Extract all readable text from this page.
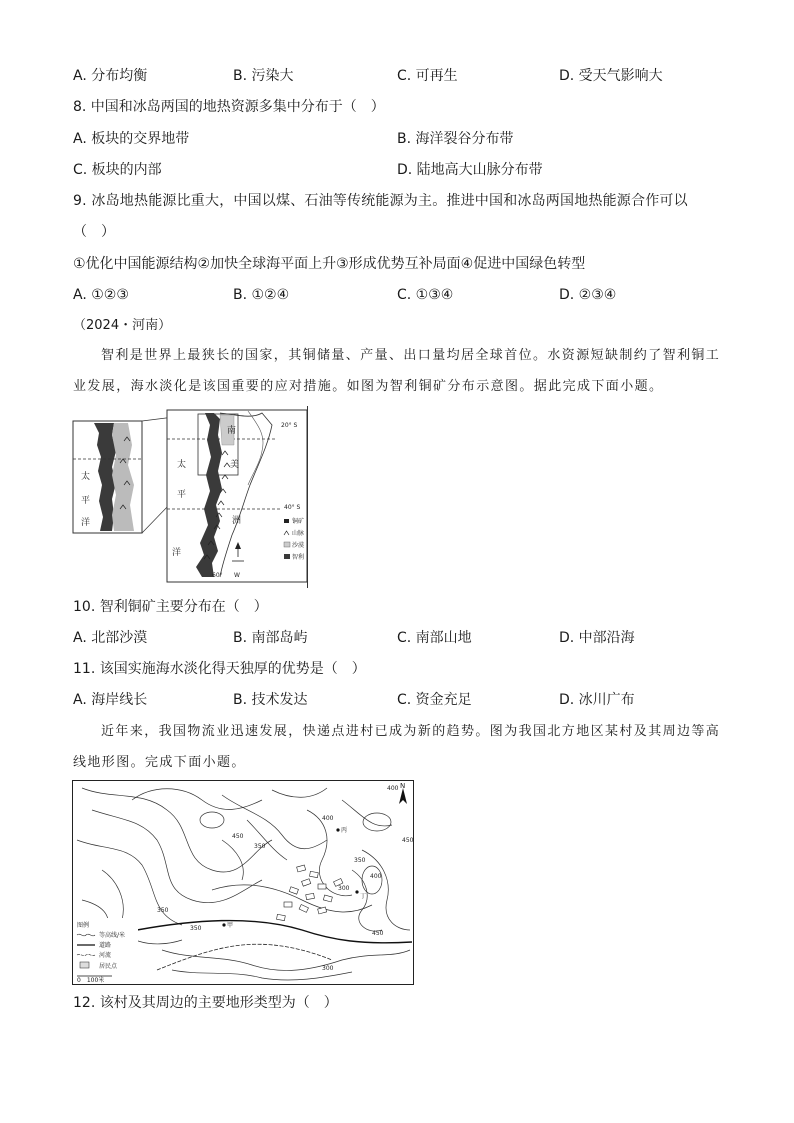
A. 分布均衡	B. 污染大	C. 可再生	D. 受天气影响大
8. 中国和冰岛两国的地热资源多集中分布于（　）
A. 板块的交界地带	B. 海洋裂谷分布带
C. 板块的内部	D. 陆地高大山脉分布带
9. 冰岛地热能源比重大，中国以煤、石油等传统能源为主。推进中国和冰岛两国地热能源合作可以
（　）
①优化中国能源结构②加快全球海平面上升③形成优势互补局面④促进中国绿色转型
A. ①②③	B. ①②④	C. ①③④	D. ②③④
（2024・河南）
智利是世界上最狭长的国家，其铜储量、产量、出口量均居全球首位。水资源短缺制约了智利铜工业发展，海水淡化是该国重要的应对措施。如图为智利铜矿分布示意图。据此完成下面小题。
太
平
洋
20° S
40° S
太
平
洋
南
美
洲
60° W
铜矿
山脉
沙漠
智利
10. 智利铜矿主要分布在（　）
A. 北部沙漠	B. 南部岛屿	C. 南部山地	D. 中部沿海
11. 该国实施海水淡化得天独厚的优势是（　）
A. 海岸线长	B. 技术发达	C. 资金充足	D. 冰川广布
近年来，我国物流业迅速发展，快递点进村已成为新的趋势。图为我国北方地区某村及其周边等高线地形图。完成下面小题。
丙
丁
甲
400
450
350
350
400
450
300
350
400
450
350
300
N
图例
等高线/米
道路
河流
居民点
0　100米
12. 该村及其周边的主要地形类型为（　）
